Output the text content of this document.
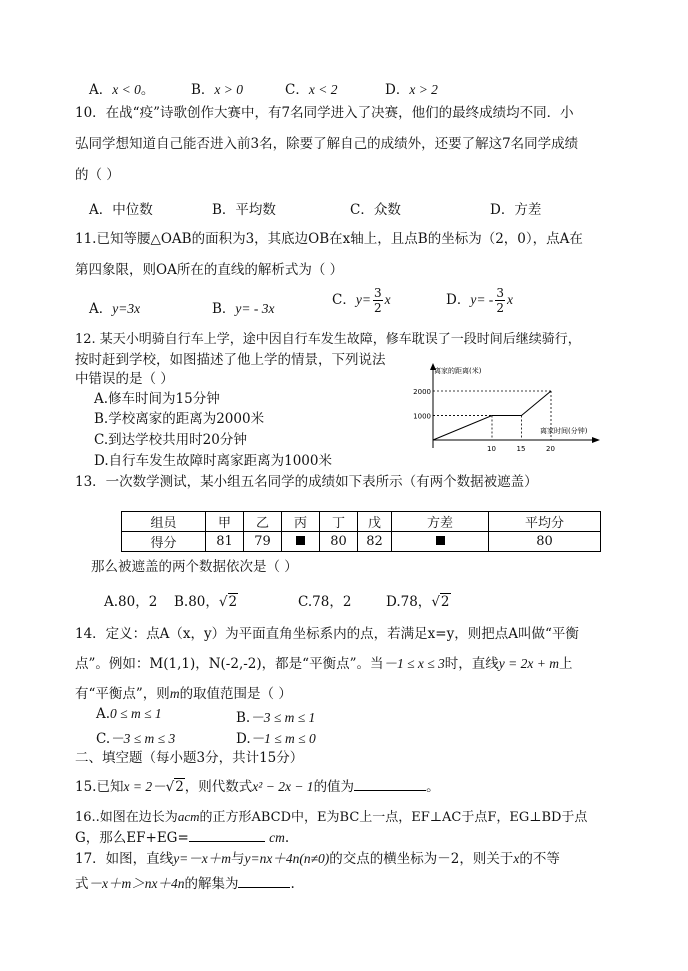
A．x < 0。	B．x > 0	C．x < 2	D．x > 2
10．在战“疫”诗歌创作大赛中，有7名同学进入了决赛，他们的最终成绩均不同．小
弘同学想知道自己能否进入前3名，除要了解自己的成绩外，还要了解这7名同学成绩
的（ ）
A．中位数	B．平均数	C．众数	D．方差
11.已知等腰△OAB的面积为3，其底边OB在x轴上，且点B的坐标为（2，0），点A在
第四象限，则OA所在的直线的解析式为（ ）
A．y=3x	B．y= - 3x
C．$y= \frac{3}{2}$ x	D．$y= - \frac{3}{2}$ x
12. 某天小明骑自行车上学，途中因自行车发生故障，修车耽误了一段时间后继续骑行，
按时赶到学校，如图描述了他上学的情景，下列说法
中错误的是（ ）
A.修车时间为15分钟
B.学校离家的距离为2000米
C.到达学校共用时20分钟
D.自行车发生故障时离家距离为1000米
离家的距离(米)
离家时间(分钟)
10	15	20
1000
2000
13．一次数学测试，某小组五名同学的成绩如下表所示（有两个数据被遮盖）
组员	甲	乙	丙	丁	戊	方差	平均分
得分	81	79		80	82		80
那么被遮盖的两个数据依次是（ ）
A.80，2 B.80，√2	C.78，2	D.78，√2
14．定义：点A（x，y）为平面直角坐标系内的点，若满足x=y，则把点A叫做“平衡
点”。例如：M(1,1)，N(-2,-2)，都是“平衡点”。当－1 ≤ x ≤ 3时，直线y = 2x + m上
有“平衡点”，则m的取值范围是（ ）
A.0 ≤ m ≤ 1	B.－3 ≤ m ≤ 1
C.－3 ≤ m ≤ 3	D.－1 ≤ m ≤ 0
二、填空题（每小题3分，共计15分）
15.已知x = 2－√2，则代数式x² − 2x − 1的值为	。
16..如图在边长为acm的正方形ABCD中，E为BC上一点，EF⊥AC于点F，EG⊥BD于点
G，那么EF+EG=	cm.
17．如图，直线y=－x＋m与y=nx＋4n(n≠0)的交点的横坐标为－2，则关于x的不等
式－x＋m＞nx＋4n的解集为	.
